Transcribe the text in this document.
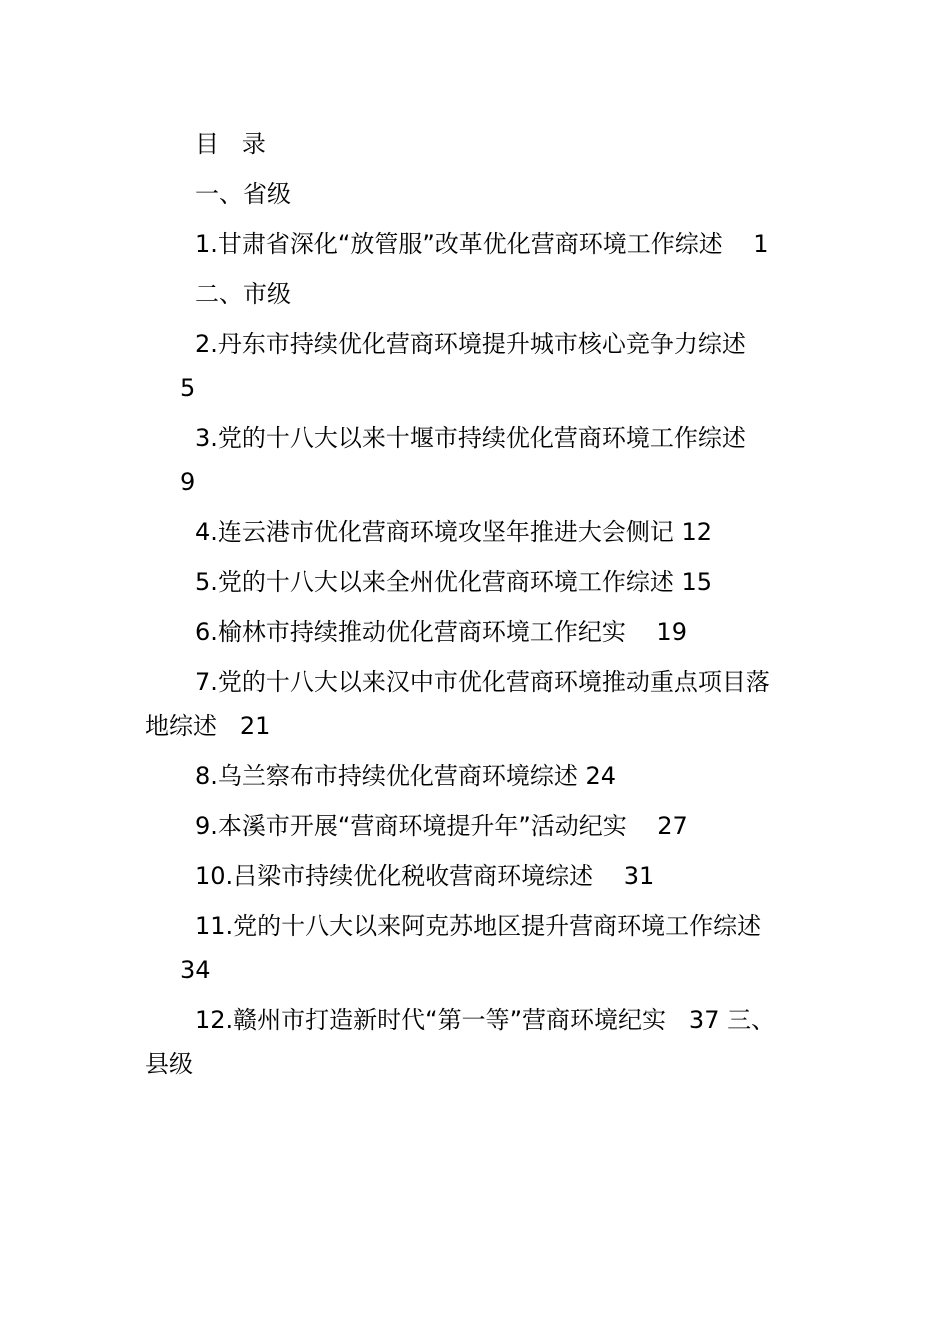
目   录

一、省级

1.甘肃省深化“放管服”改革优化营商环境工作综述    1

二、市级

2.丹东市持续优化营商环境提升城市核心竞争力综述

5

3.党的十八大以来十堰市持续优化营商环境工作综述

9

4.连云港市优化营商环境攻坚年推进大会侧记 12

5.党的十八大以来全州优化营商环境工作综述 15

6.榆林市持续推动优化营商环境工作纪实    19

7.党的十八大以来汉中市优化营商环境推动重点项目落

地综述   21

8.乌兰察布市持续优化营商环境综述 24

9.本溪市开展“营商环境提升年”活动纪实    27

10.吕梁市持续优化税收营商环境综述    31

11.党的十八大以来阿克苏地区提升营商环境工作综述

34

12.赣州市打造新时代“第一等”营商环境纪实   37 三、

县级
